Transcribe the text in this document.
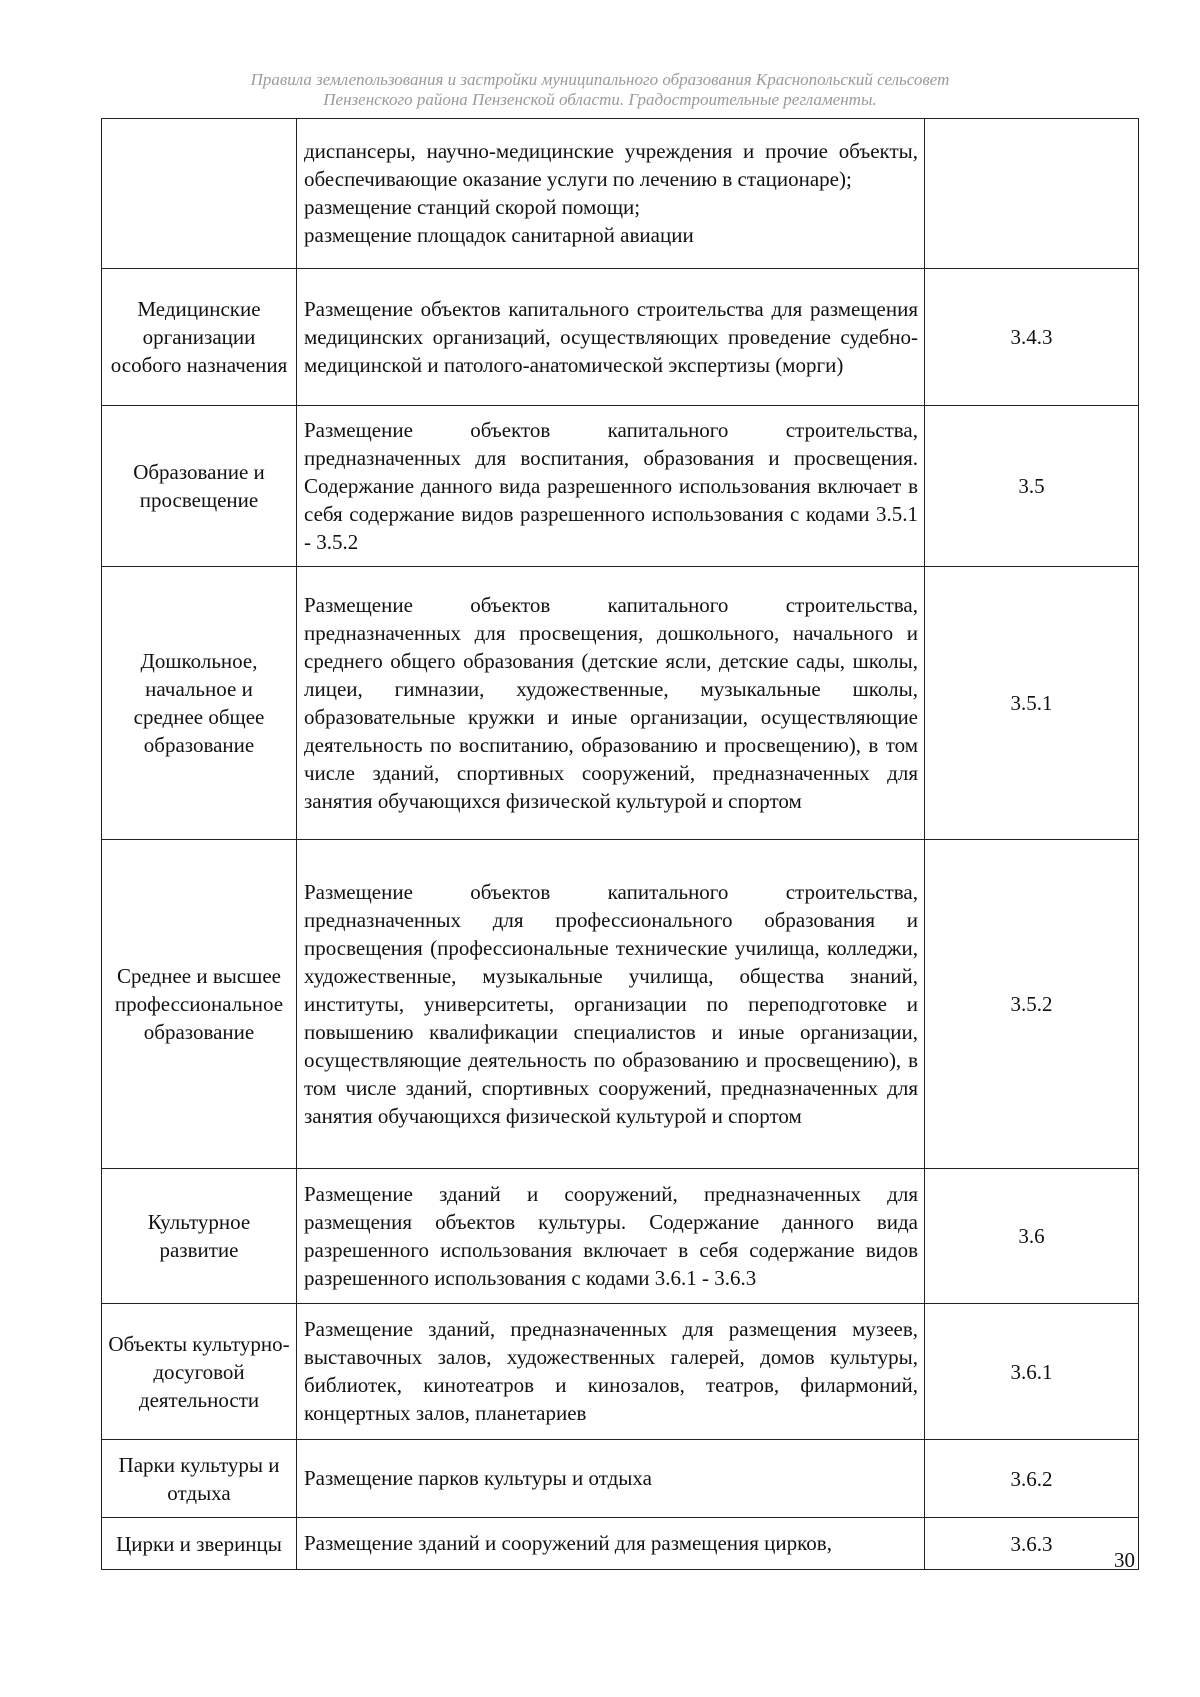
Правила землепользования и застройки муниципального образования Краснопольский сельсовет
Пензенского района Пензенской области. Градостроительные регламенты.

	диспансеры, научно-медицинские учреждения и прочие объекты, обеспечивающие оказание услуги по лечению в стационаре);
размещение станций скорой помощи;
размещение площадок санитарной авиации	

Медицинские организации особого назначения	Размещение объектов капитального строительства для размещения медицинских организаций, осуществляющих проведение судебно-медицинской и патолого-анатомической экспертизы (морги)	3.4.3
Образование и просвещение	Размещение объектов капитального строительства, предназначенных для воспитания, образования и просвещения. Содержание данного вида разрешенного использования включает в себя содержание видов разрешенного использования с кодами 3.5.1 - 3.5.2	3.5
Дошкольное, начальное и среднее общее образование	Размещение объектов капитального строительства, предназначенных для просвещения, дошкольного, начального и среднего общего образования (детские ясли, детские сады, школы, лицеи, гимназии, художественные, музыкальные школы, образовательные кружки и иные организации, осуществляющие деятельность по воспитанию, образованию и просвещению), в том числе зданий, спортивных сооружений, предназначенных для занятия обучающихся физической культурой и спортом	3.5.1
Среднее и высшее профессиональное образование	Размещение объектов капитального строительства, предназначенных для профессионального образования и просвещения (профессиональные технические училища, колледжи, художественные, музыкальные училища, общества знаний, институты, университеты, организации по переподготовке и повышению квалификации специалистов и иные организации, осуществляющие деятельность по образованию и просвещению), в том числе зданий, спортивных сооружений, предназначенных для занятия обучающихся физической культурой и спортом	3.5.2
Культурное развитие	Размещение зданий и сооружений, предназначенных для размещения объектов культуры. Содержание данного вида разрешенного использования включает в себя содержание видов разрешенного использования с кодами 3.6.1 - 3.6.3	3.6
Объекты культурно-досуговой деятельности	Размещение зданий, предназначенных для размещения музеев, выставочных залов, художественных галерей, домов культуры, библиотек, кинотеатров и кинозалов, театров, филармоний, концертных залов, планетариев	3.6.1
Парки культуры и отдыха	Размещение парков культуры и отдыха	3.6.2
Цирки и зверинцы	Размещение зданий и сооружений для размещения цирков,	3.6.3
30
